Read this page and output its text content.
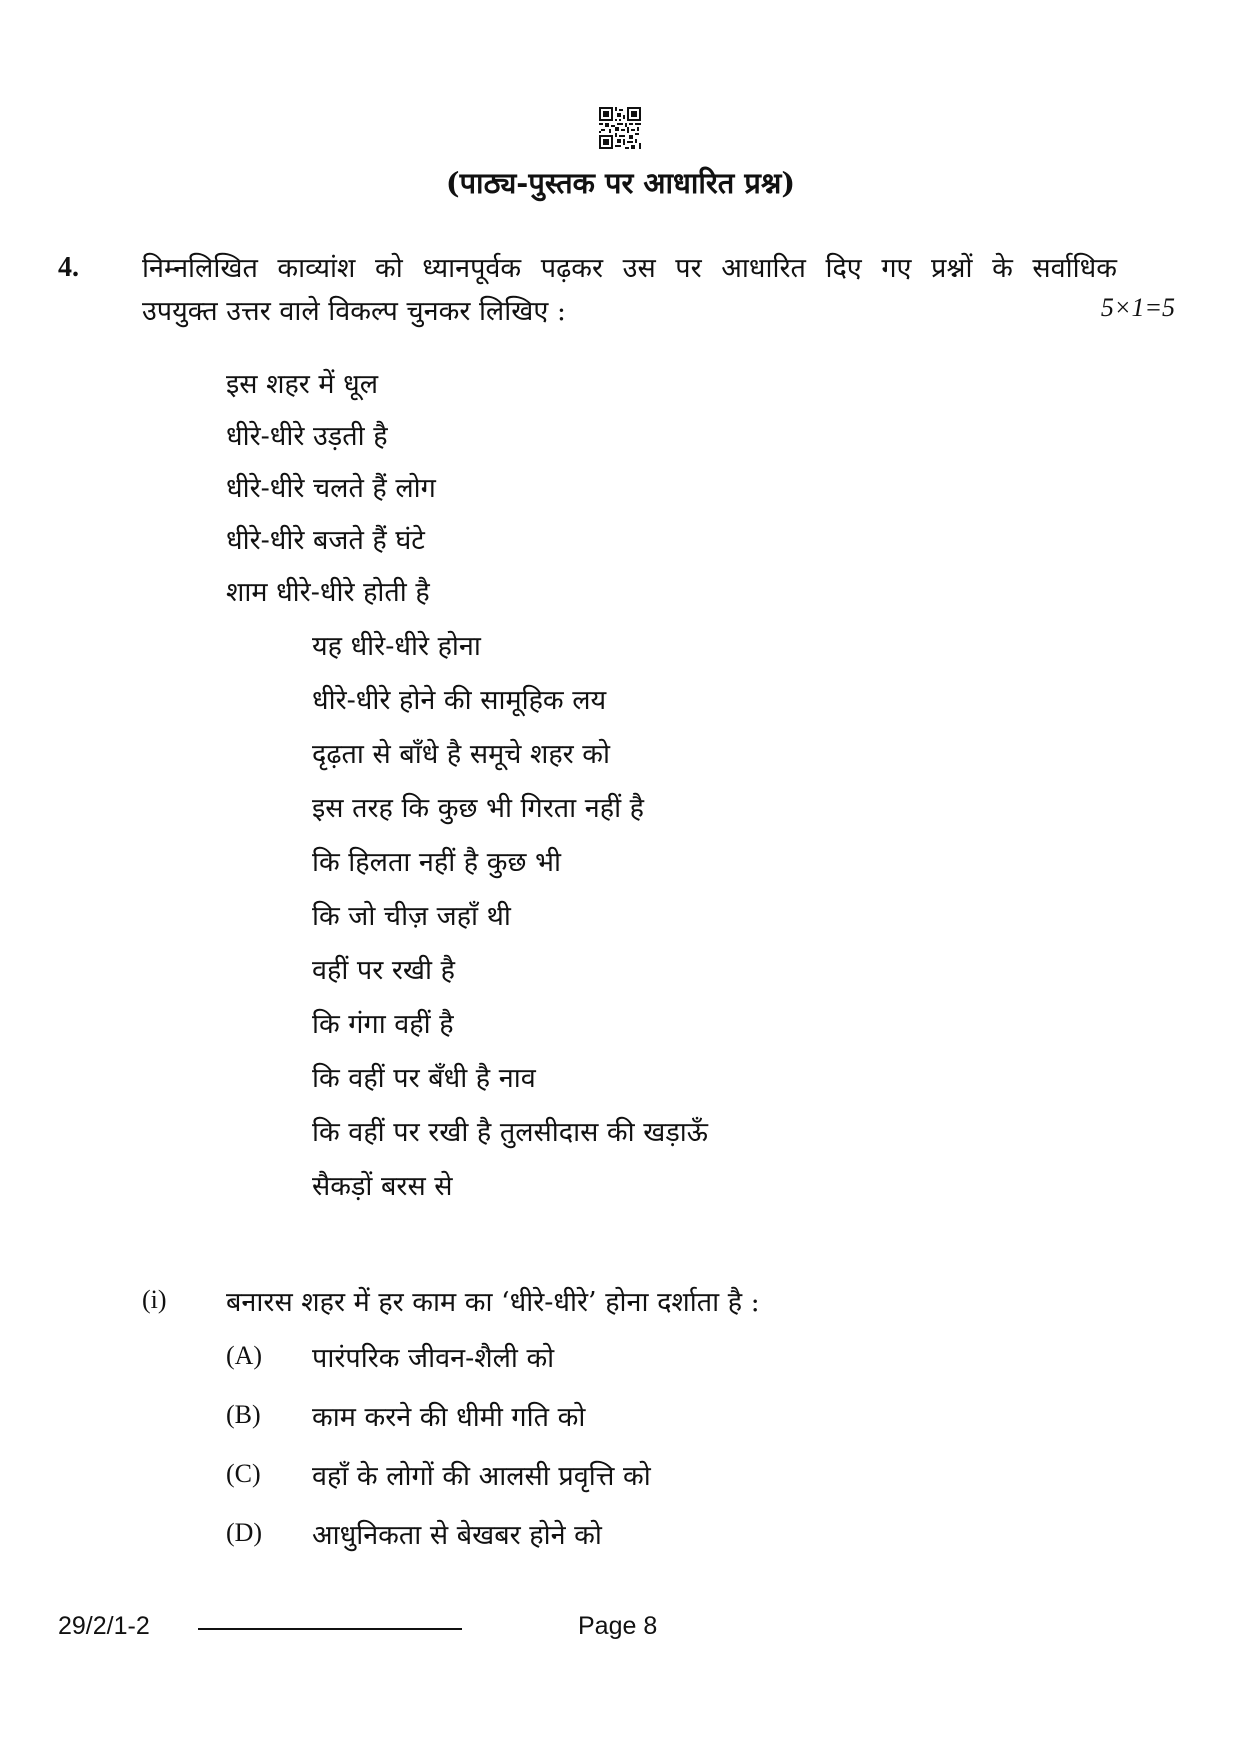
(पाठ्य-पुस्तक पर आधारित प्रश्न)
4. निम्नलिखित काव्यांश को ध्यानपूर्वक पढ़कर उस पर आधारित दिए गए प्रश्नों के सर्वाधिक
उपयुक्त उत्तर वाले विकल्प चुनकर लिखिए :	5×1=5
इस शहर में धूल
धीरे-धीरे उड़ती है
धीरे-धीरे चलते हैं लोग
धीरे-धीरे बजते हैं घंटे
शाम धीरे-धीरे होती है
यह धीरे-धीरे होना
धीरे-धीरे होने की सामूहिक लय
दृढ़ता से बाँधे है समूचे शहर को
इस तरह कि कुछ भी गिरता नहीं है
कि हिलता नहीं है कुछ भी
कि जो चीज़ जहाँ थी
वहीं पर रखी है
कि गंगा वहीं है
कि वहीं पर बँधी है नाव
कि वहीं पर रखी है तुलसीदास की खड़ाऊँ
सैकड़ों बरस से
(i) बनारस शहर में हर काम का ‘धीरे-धीरे’ होना दर्शाता है :
(A) पारंपरिक जीवन-शैली को
(B) काम करने की धीमी गति को
(C) वहाँ के लोगों की आलसी प्रवृत्ति को
(D) आधुनिकता से बेखबर होने को
29/2/1-2	Page 8
